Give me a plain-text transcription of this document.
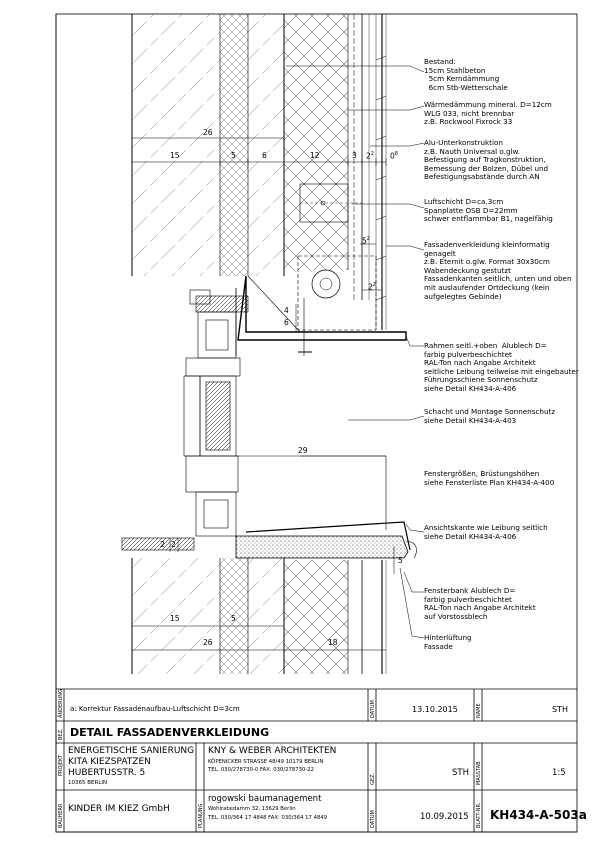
Bestand:
15cm Stahlbeton
5cm Kerndämmung
6cm Stb-Wetterschale
Wärmedämmung mineral. D=12cm
WLG 033, nicht brennbar
z.B. Rockwool Fixrock 33
Alu-Unterkonstruktion
z.B. Nauth Universal o.glw.
Befestigung auf Tragkonstruktion,
Bemessung der Bolzen, Dübel und
Befestigungsabstände durch AN
Luftschicht D=ca.3cm
Spanplatte OSB D=22mm
schwer entflammbar B1, nagelfähig
Fassadenverkleidung kleinformatig
genagelt
z.B. Eternit o.glw. Format 30x30cm
Wabendeckung gestutzt
Fassadenkanten seitlich, unten und oben
mit auslaufender Ortdeckung (kein
aufgelegtes Gebinde)
Rahmen seitl.+oben  Alublech D=
farbig pulverbeschichtet
RAL-Ton nach Angabe Architekt
seitliche Leibung teilweise mit eingebauter
Führungsschiene Sonnenschutz
siehe Detail KH434-A-406
Schacht und Montage Sonnenschutz
siehe Detail KH434-A-403
Fenstergrößen, Brüstungshöhen
siehe Fensterliste Plan KH434-A-400
Ansichtskante wie Leibung seitlich
siehe Detail KH434-A-406
Fensterbank Alublech D=
farbig pulverbeschichtet
RAL-Ton nach Angabe Architekt
auf Vorstossblech
Hinterlüftung
Fassade
26
15	5	6	12	3 $2^2$ $0^8$
$5^2$
$2^2$
4
6
29
2 2
5
15	5
26	18
ÄNDERUNG a: Korrektur Fassadenaufbau-Luftschicht D=3cm	DATUM	13.10.2015	NAME	STH
BEZ. DETAIL FASSADENVERKLEIDUNG
PROJEKT
ENERGETISCHE SANIERUNG
KITA KIEZSPATZEN
HUBERTUSSTR. 5
10365 BERLIN
BAUHERR KINDER IM KIEZ GmbH
KNY & WEBER ARCHITEKTEN
KÖPENICKER STRASSE 48/49 10179 BERLIN
TEL. 030/278730-0 FAX: 030/278730-22
PLANUNG
rogowski baumanagement
Wohlrabedamm 32, 13629 Berlin
TEL. 030/364 17 4848 FAX: 030/364 17 4849
GEZ.	STH MASSTAB	1:5
DATUM	10.09.2015 BLATT-NR. KH434-A-503a
